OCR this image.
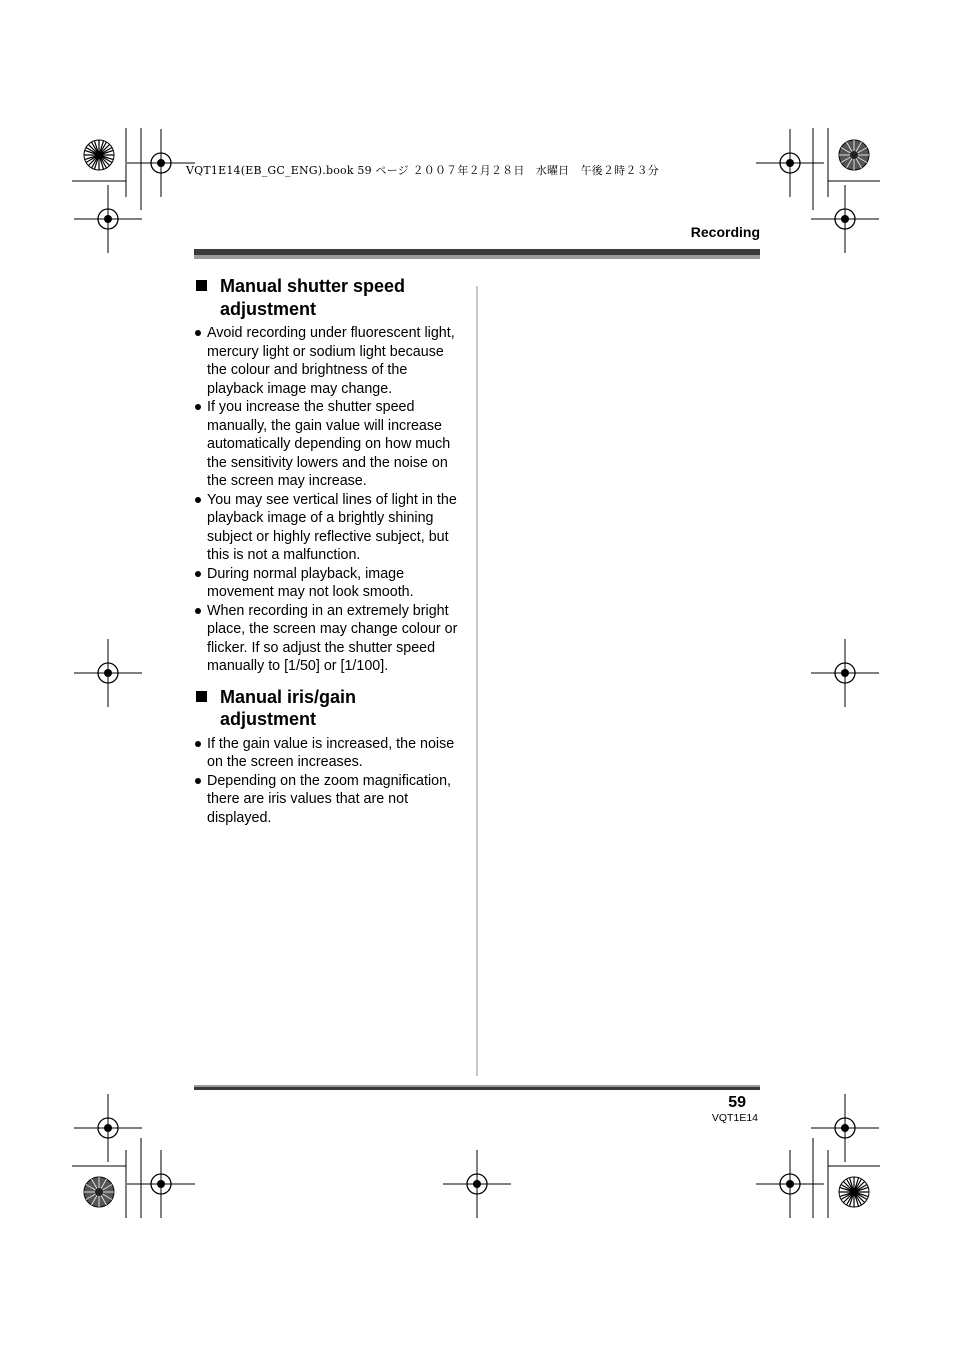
VQT1E14(EB_GC_ENG).book 59 ページ ２００７年２月２８日　水曜日　午後２時２３分
Recording
Manual shutter speed
adjustment
Avoid recording under fluorescent light, mercury light or sodium light because the colour and brightness of the playback image may change.
If you increase the shutter speed manually, the gain value will increase automatically depending on how much the sensitivity lowers and the noise on the screen may increase.
You may see vertical lines of light in the playback image of a brightly shining subject or highly reflective subject, but this is not a malfunction.
During normal playback, image movement may not look smooth.
When recording in an extremely bright place, the screen may change colour or flicker. If so adjust the shutter speed manually to [1/50] or [1/100].
Manual iris/gain
adjustment
If the gain value is increased, the noise on the screen increases.
Depending on the zoom magnification, there are iris values that are not displayed.
59
VQT1E14
